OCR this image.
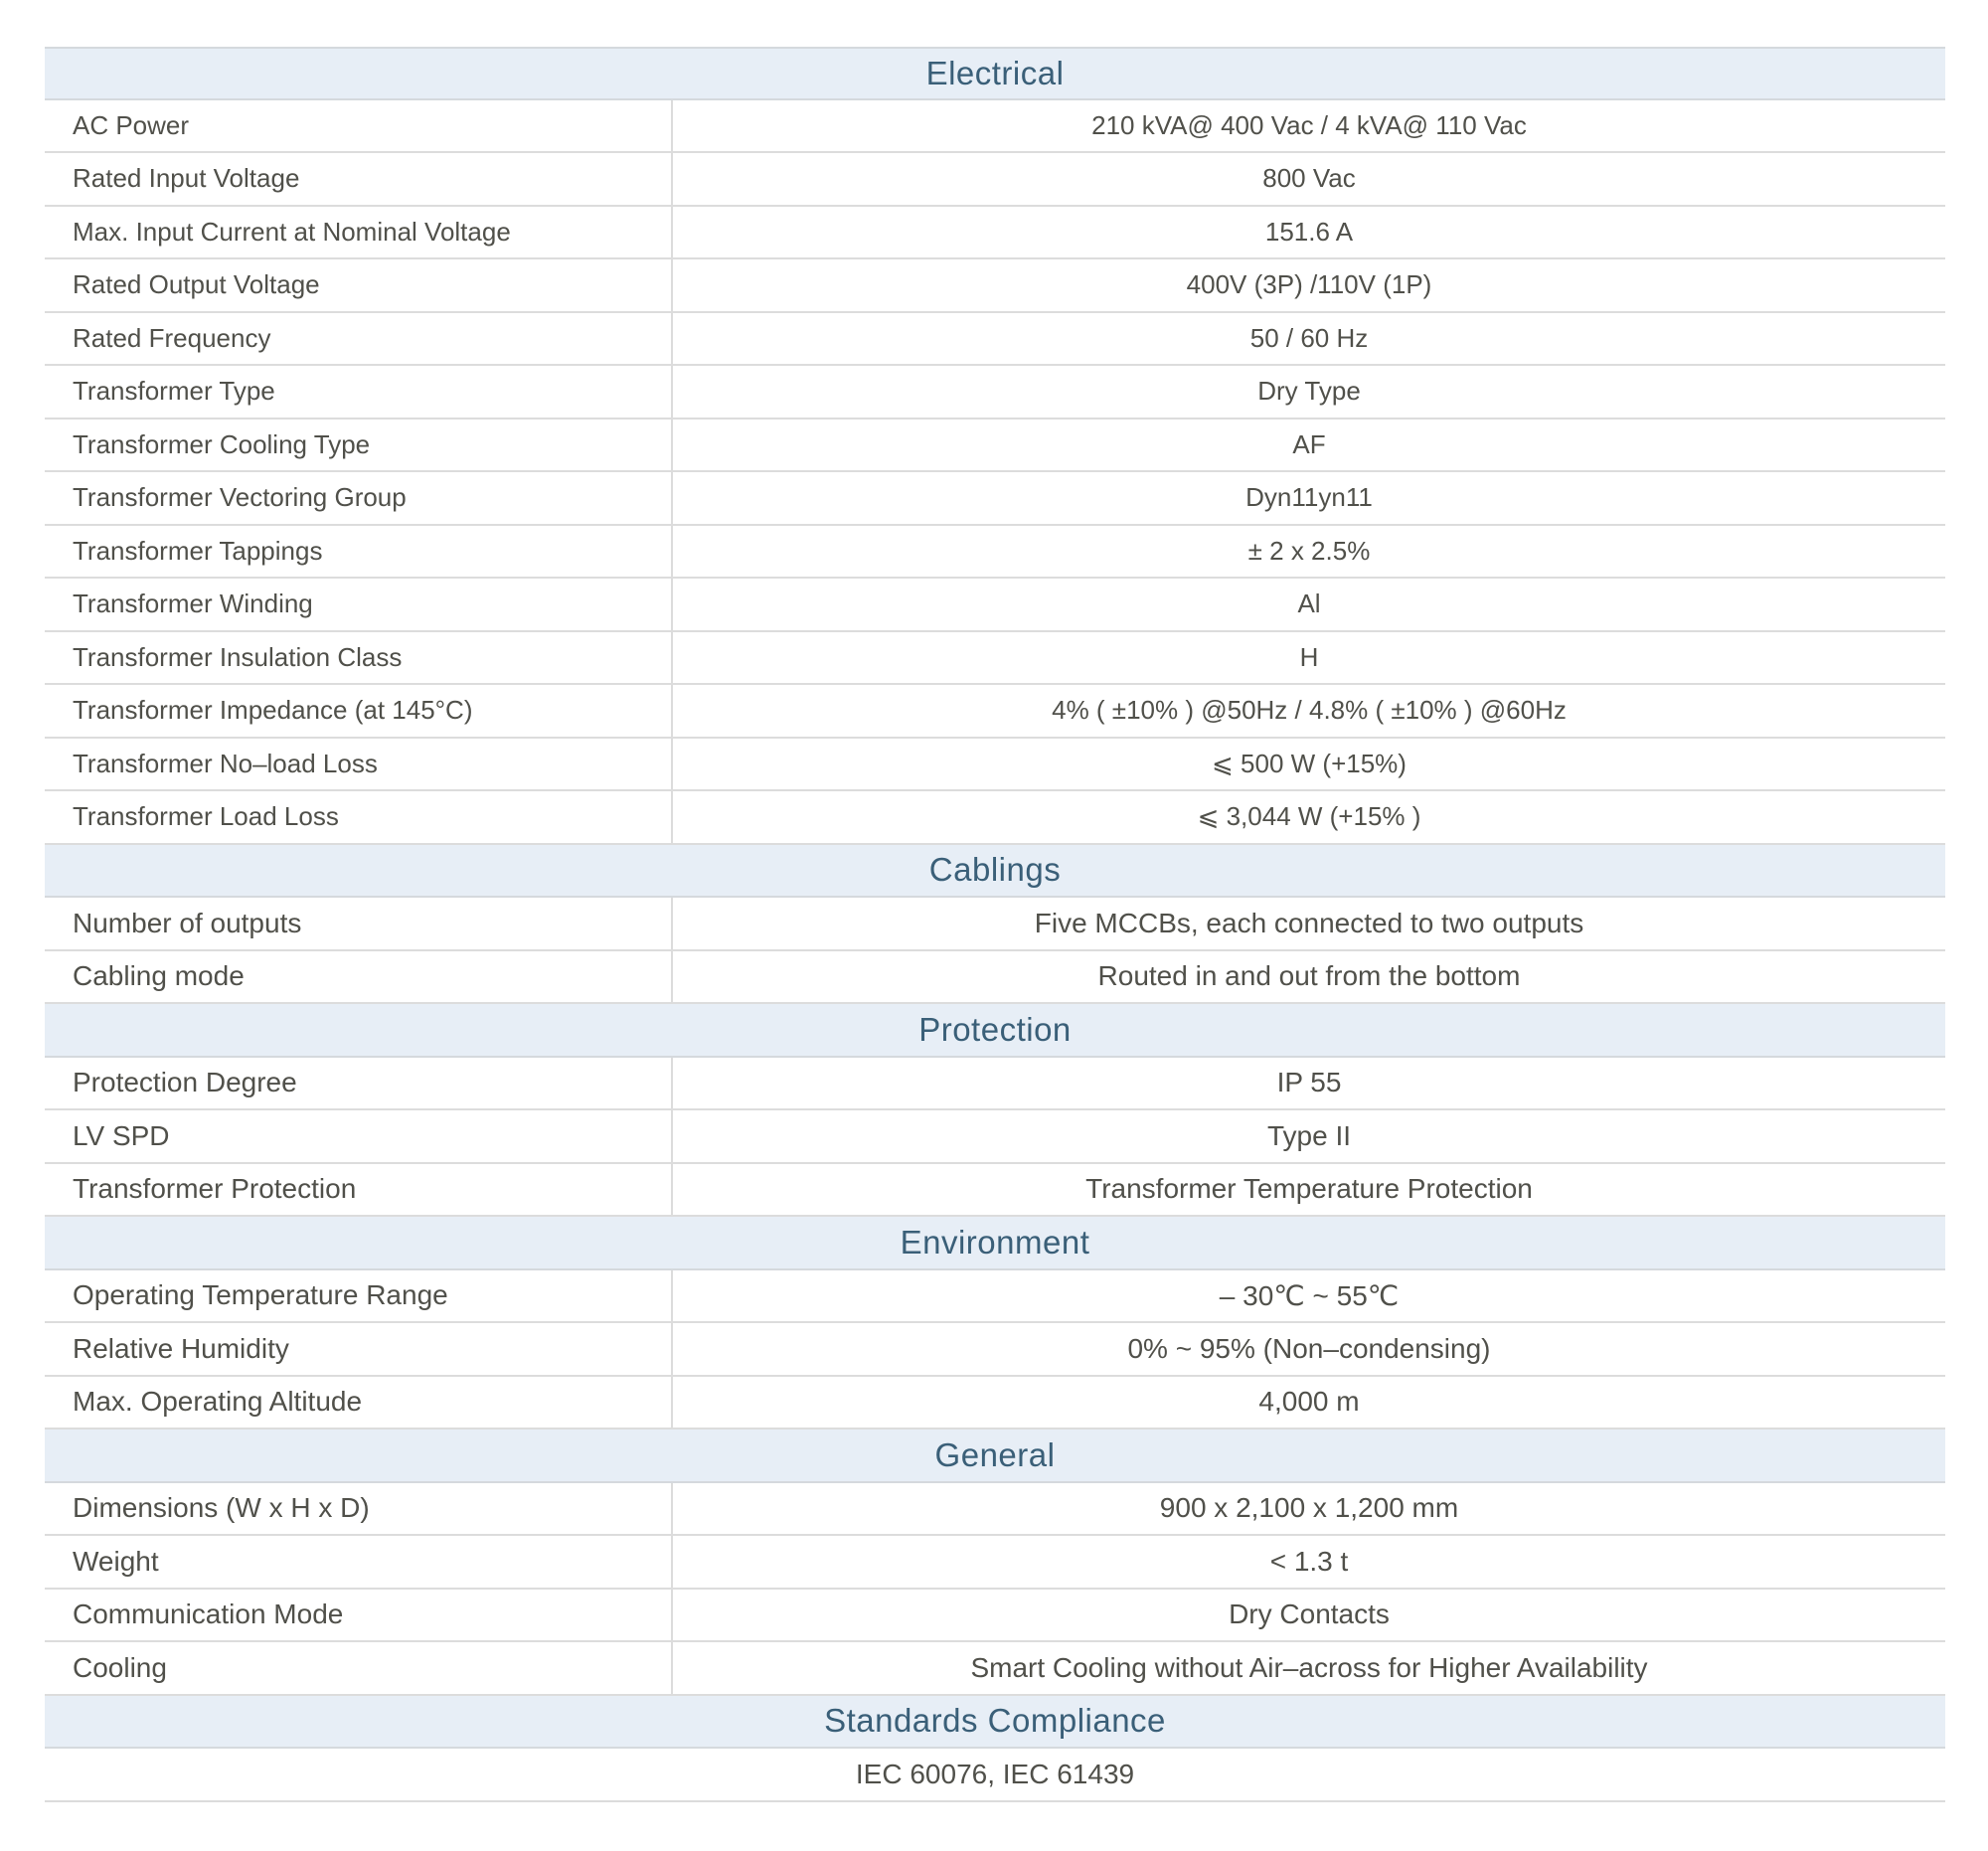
Electrical
AC Power	210 kVA@ 400 Vac / 4 kVA@ 110 Vac
Rated Input Voltage	800 Vac
Max. Input Current at Nominal Voltage	151.6 A
Rated Output Voltage	400V (3P) /110V (1P)
Rated Frequency	50 / 60 Hz
Transformer Type	Dry Type
Transformer Cooling Type	AF
Transformer Vectoring Group	Dyn11yn11
Transformer Tappings	± 2 x 2.5%
Transformer Winding	Al
Transformer Insulation Class	H
Transformer Impedance (at 145°C)	4% ( ±10% ) @50Hz / 4.8% ( ±10% ) @60Hz
Transformer No–load Loss	⩽ 500 W (+15%)
Transformer Load Loss	⩽ 3,044 W (+15% )
Cablings
Number of outputs	Five MCCBs, each connected to two outputs
Cabling mode	Routed in and out from the bottom
Protection
Protection Degree	IP 55
LV SPD	Type II
Transformer Protection	Transformer Temperature Protection
Environment
Operating Temperature Range	– 30℃ ~ 55℃
Relative Humidity	0% ~ 95% (Non–condensing)
Max. Operating Altitude	4,000 m
General
Dimensions (W x H x D)	900 x 2,100 x 1,200 mm
Weight	< 1.3 t
Communication Mode	Dry Contacts
Cooling	Smart Cooling without Air–across for Higher Availability
Standards Compliance
IEC 60076, IEC 61439
